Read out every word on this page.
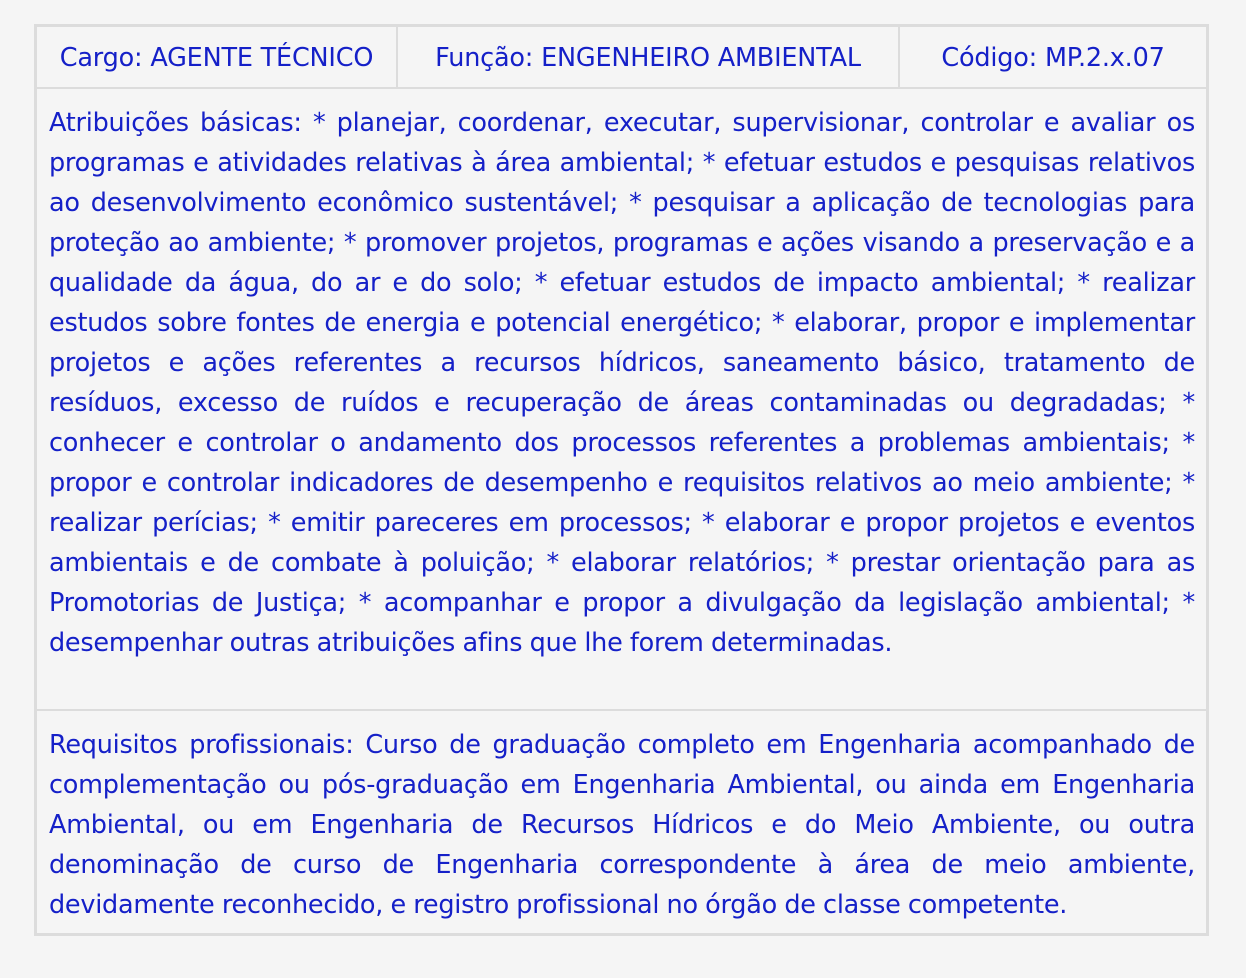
Cargo: AGENTE TÉCNICO	Função: ENGENHEIRO AMBIENTAL	Código: MP.2.x.07

Atribuições básicas: * planejar, coordenar, executar, supervisionar, controlar e avaliar os programas e atividades relativas à área ambiental; * efetuar estudos e pesquisas relativos ao desenvolvimento econômico sustentável; * pesquisar a aplicação de tecnologias para proteção ao ambiente; * promover projetos, programas e ações visando a preservação e a qualidade da água, do ar e do solo; * efetuar estudos de impacto ambiental; * realizar estudos sobre fontes de energia e potencial energético; * elaborar, propor e implementar projetos e ações referentes a recursos hídricos, saneamento básico, tratamento de resíduos, excesso de ruídos e recuperação de áreas contaminadas ou degradadas; * conhecer e controlar o andamento dos processos referentes a problemas ambientais; * propor e controlar indicadores de desempenho e requisitos relativos ao meio ambiente; * realizar perícias; * emitir pareceres em processos; * elaborar e propor projetos e eventos ambientais e de combate à poluição; * elaborar relatórios; * prestar orientação para as Promotorias de Justiça; * acompanhar e propor a divulgação da legislação ambiental; * desempenhar outras atribuições afins que lhe forem determinadas.

Requisitos profissionais: Curso de graduação completo em Engenharia acompanhado de complementação ou pós-graduação em Engenharia Ambiental, ou ainda em Engenharia Ambiental, ou em Engenharia de Recursos Hídricos e do Meio Ambiente, ou outra denominação de curso de Engenharia correspondente à área de meio ambiente, devidamente reconhecido, e registro profissional no órgão de classe competente.
